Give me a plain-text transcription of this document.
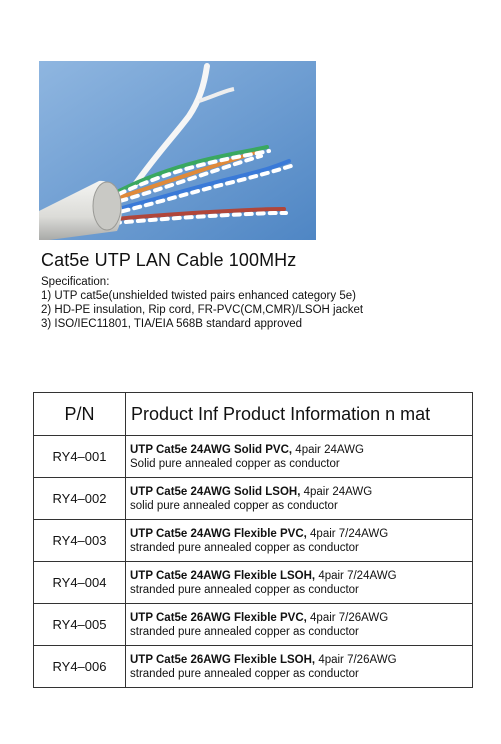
Cat5e UTP LAN Cable 100MHz
Specification:
1) UTP cat5e(unshielded twisted pairs enhanced category 5e)
2) HD-PE insulation, Rip cord, FR-PVC(CM,CMR)/LSOH jacket
3) ISO/IEC11801, TIA/EIA 568B standard approved
P/N	Product Inf Product Information n mat
RY4–001	UTP Cat5e 24AWG Solid PVC, 4pair 24AWG
Solid pure annealed copper as conductor
RY4–002	UTP Cat5e 24AWG Solid LSOH, 4pair 24AWG
solid pure annealed copper as conductor
RY4–003	UTP Cat5e 24AWG Flexible PVC, 4pair 7/24AWG
stranded pure annealed copper as conductor
RY4–004	UTP Cat5e 24AWG Flexible LSOH, 4pair 7/24AWG
stranded pure annealed copper as conductor
RY4–005	UTP Cat5e 26AWG Flexible PVC, 4pair 7/26AWG
stranded pure annealed copper as conductor
RY4–006	UTP Cat5e 26AWG Flexible LSOH, 4pair 7/26AWG
stranded pure annealed copper as conductor
